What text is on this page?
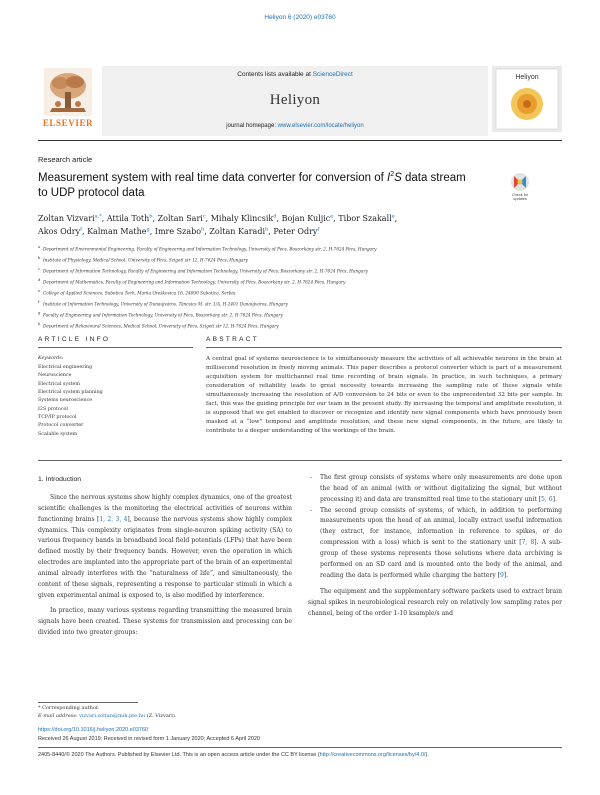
Heliyon 6 (2020) e03760
ELSEVIER
Contents lists available at ScienceDirect
Heliyon
journal homepage: www.elsevier.com/locate/heliyon
Heliyon
Research article
Measurement system with real time data converter for conversion of $I^2S$ data stream to UDP protocol data	Check for updates
Zoltan Vizvari$^{a,*}$, Attila Toth$^b$, Zoltan Sari$^c$, Mihaly Klincsik$^d$, Bojan Kuljic$^e$, Tibor Szakall$^e$,
Akos Odry$^f$, Kalman Mathe$^g$, Imre Szabo$^h$, Zoltan Karadi$^h$, Peter Odry$^f$
a Department of Environmental Engineering, Faculty of Engineering and Information Technology, University of Pécs, Boszorkány str. 2, H-7624 Pécs, Hungary
b Institute of Physiology, Medical School, University of Pécs, Szigeti str 12, H-7624 Pécs, Hungary
c Department of Information Technology, Faculty of Engineering and Information Technology, University of Pécs, Boszorkány str. 2, H-7624 Pécs, Hungary
d Department of Mathematics, Faculty of Engineering and Information Technology, University of Pécs, Boszorkány str. 2, H-7624 Pécs, Hungary
e College of Applied Sciences, Subotica Tech, Marka Oreškovica 16, 24000 Subotica, Serbia
f Institute of Information Technology, University of Dunaújváros, Táncsics M. str. 1/A, H-2401 Dunaújváros, Hungary
g Faculty of Engineering and Information Technology, University of Pécs, Boszorkány str. 2, H-7624 Pécs, Hungary
h Department of Behavioural Sciences, Medical School, University of Pécs, Szigeti str 12, H-7624 Pécs, Hungary
ARTICLE INFO	ABSTRACT
Keywords:
Electrical engineering
Neuroscience
Electrical system
Electrical system planning
Systems neuroscience
I2S protocol
TCP/IP protocol
Protocol converter
Scalable system
A central goal of systems neuroscience is to simultaneously measure the activities of all achievable neurons in the brain at millisecond resolution in freely moving animals. This paper describes a protocol converter which is part of a measurement acquisition system for multichannel real time recording of brain signals. In practice, in such techniques, a primary consideration of reliability leads to great necessity towards increasing the sampling rate of these signals while simultaneously increasing the resolution of A/D conversion to 24 bits or even to the unprecedented 32 bits per sample. In fact, this was the guiding principle for our team in the present study. By increasing the temporal and amplitude resolution, it is supposed that we get enabled to discover or recognize and identify new signal components which have previously been masked at a “low” temporal and amplitude resolution, and these new signal components, in the future, are likely to contribute to a deeper understanding of the workings of the brain.
1. Introduction

Since the nervous systems show highly complex dynamics, one of the greatest scientific challenges is the monitoring the electrical activities of neurons within functioning brains [1, 2, 3, 4], because the nervous systems show highly complex dynamics. This complexity originates from single-neuron spiking activity (SA) to various frequency bands in broadband local field potentials (LFPs) that have been defined mostly by their frequency bands. However, even the operation in which electrodes are implanted into the appropriate part of the brain of an experimental animal already interferes with the “naturalness of life”, and simultaneously, the content of these signals, representing a response to particular stimuli in which a given experimental animal is exposed to, is also modified by interference.

In practice, many various systems regarding transmitting the measured brain signals have been created. These systems for transmission and processing can be divided into two greater groups:

- The first group consists of systems where only measurements are done upon the head of an animal (with or without digitalizing the signal, but without processing it) and data are transmitted real time to the stationary unit [5, 6].
- The second group consists of systems, of which, in addition to performing measurements upon the head of an animal, locally extract useful information (they extract, for instance, information in reference to spikes, or do compression with a loss) which is sent to the stationary unit [7, 8]. A sub-group of these systems represents those solutions where data archiving is performed on an SD card and is mounted onto the body of the animal, and reading the data is performed while charging the battery [9].
The equipment and the supplementary software packets used to extract brain signal spikes in neurobiological research rely on relatively low sampling rates per channel, being of the order 1-10 ksample/s and
* Corresponding author.
E-mail address: vizvari.zoltan@mik.pte.hu (Z. Vizvari).
https://doi.org/10.1016/j.heliyon.2020.e03760
Received 26 August 2019; Received in revised form 1 January 2020; Accepted 6 April 2020
2405-8440/© 2020 The Authors. Published by Elsevier Ltd. This is an open access article under the CC BY license (http://creativecommons.org/licenses/by/4.0/).
